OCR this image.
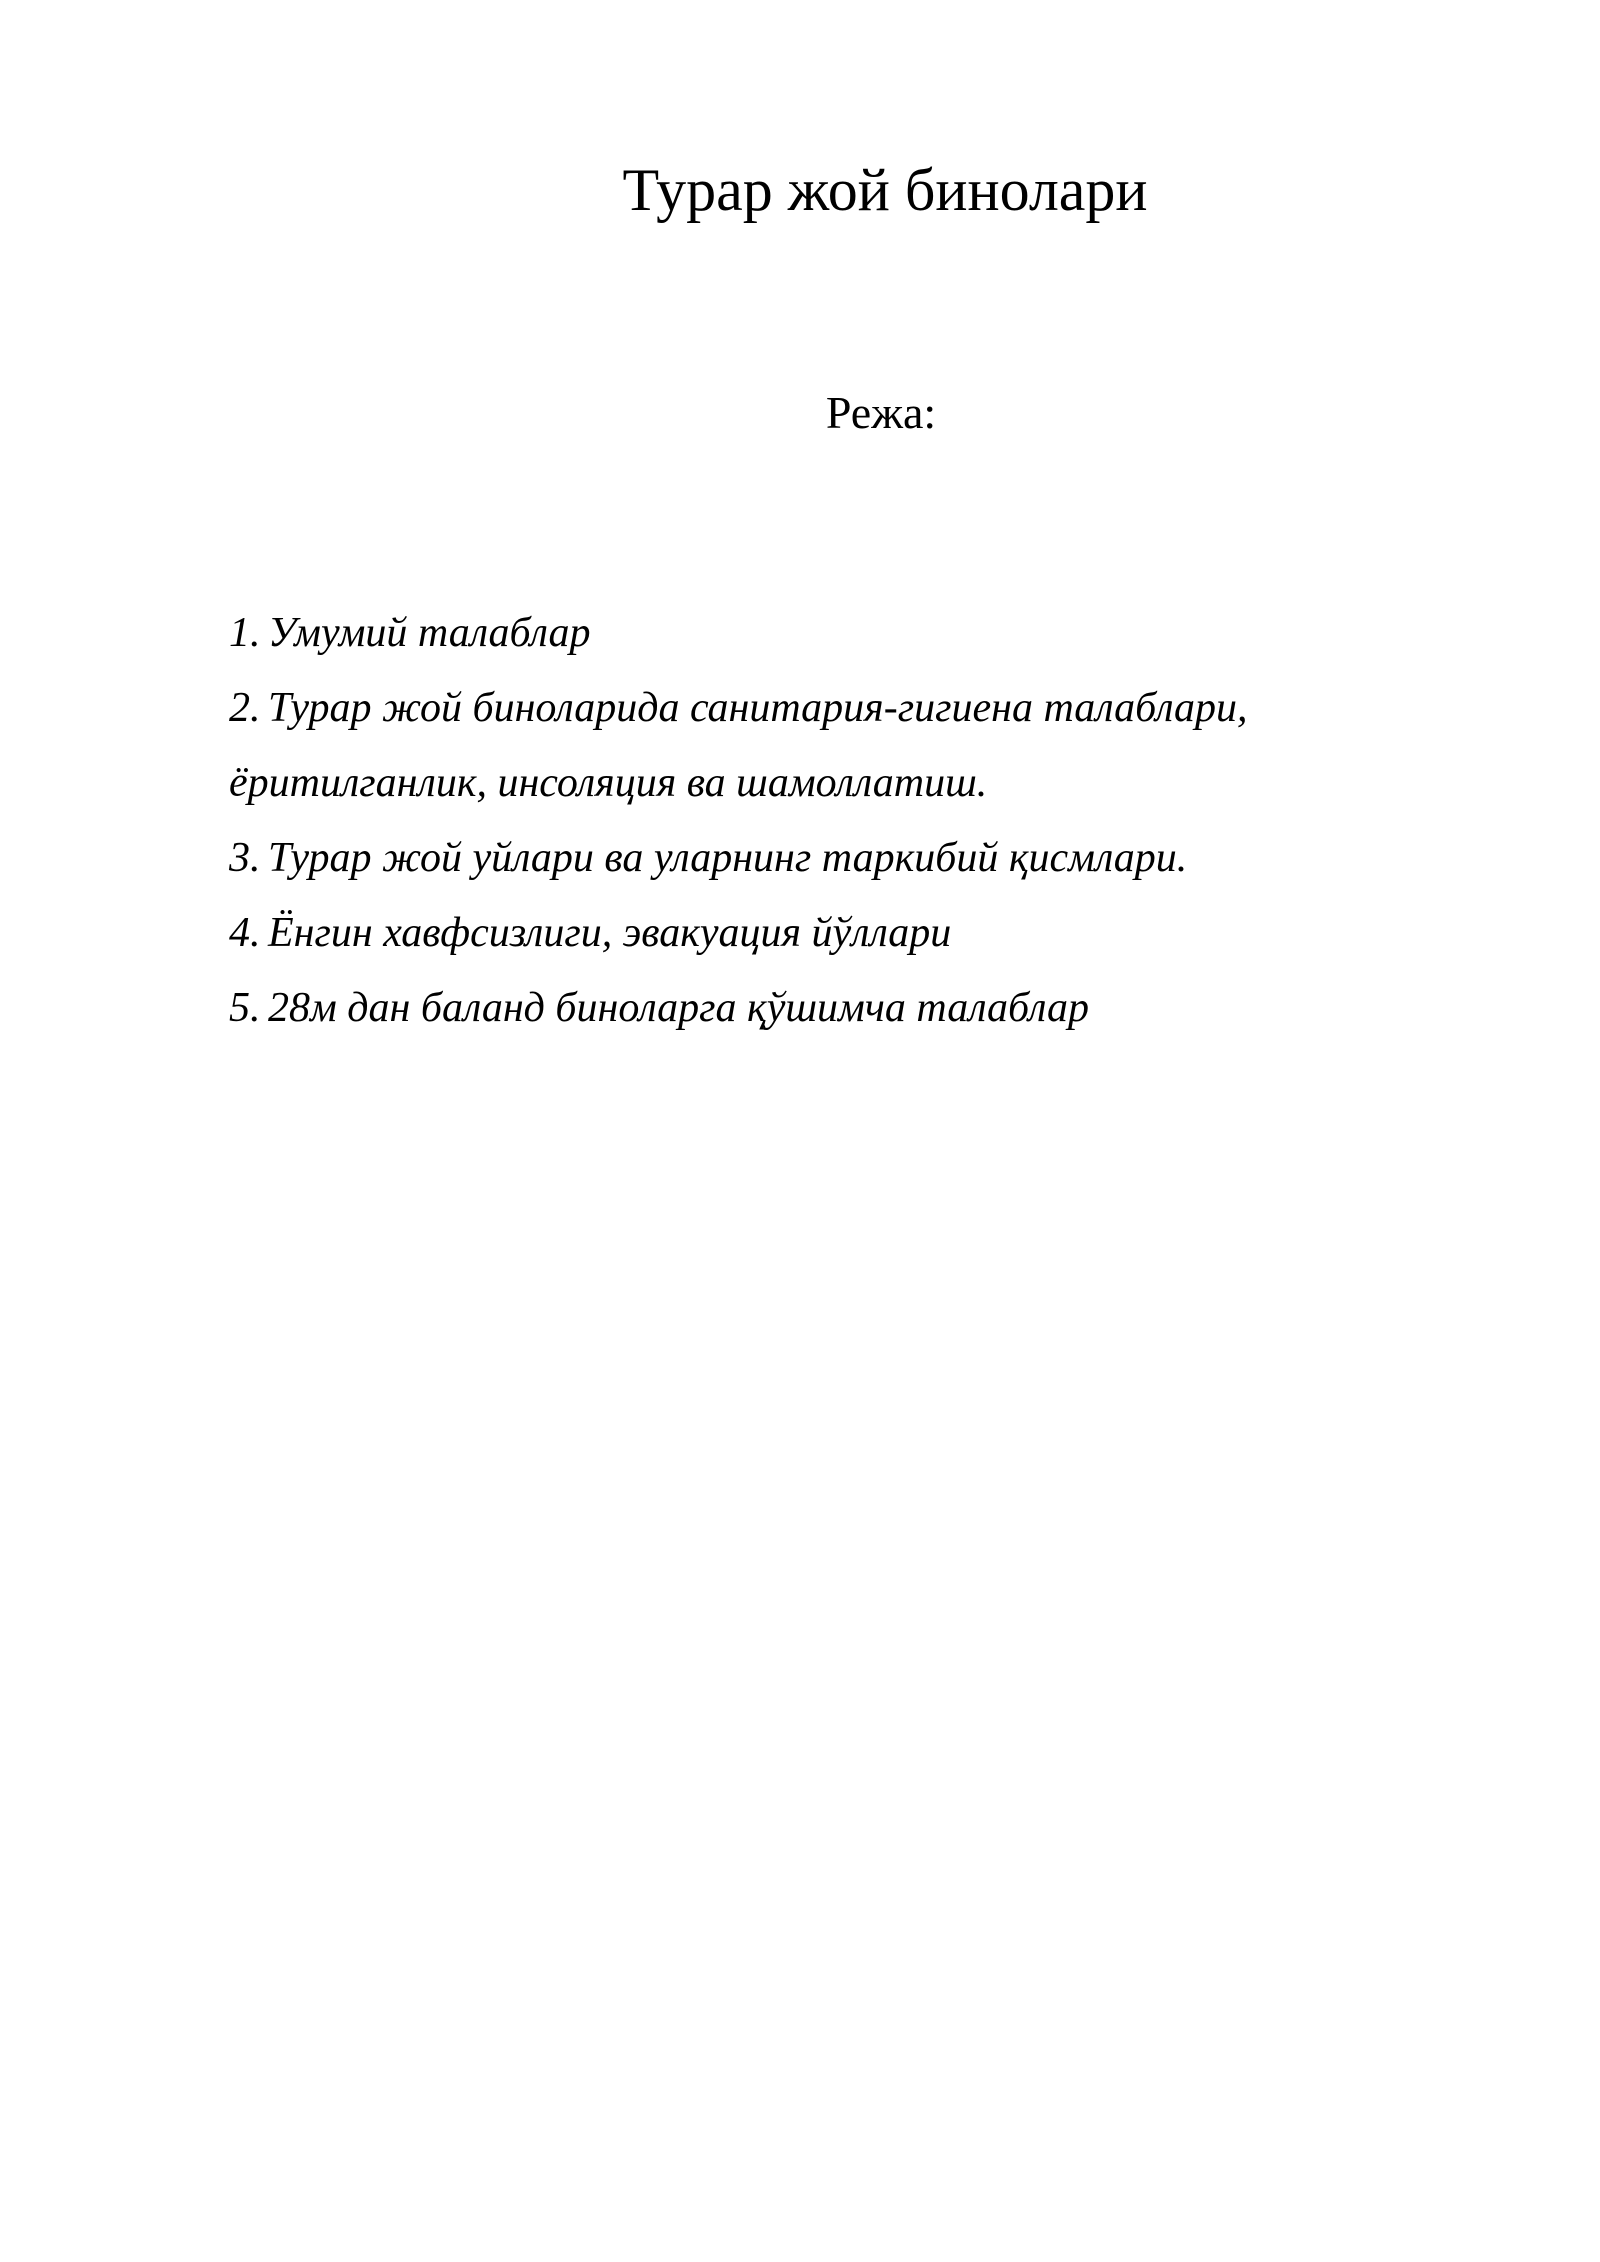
Турар жой бинолари
Режа:
1. Умумий талаблар
2. Турар жой биноларида санитария-гигиена талаблари,
ёритилганлик, инсоляция ва шамоллатиш.
3. Турар жой уйлари ва уларнинг таркибий қисмлари.
4. Ёнгин хавфсизлиги, эвакуация йўллари
5. 28м дан баланд биноларга қўшимча талаблар
